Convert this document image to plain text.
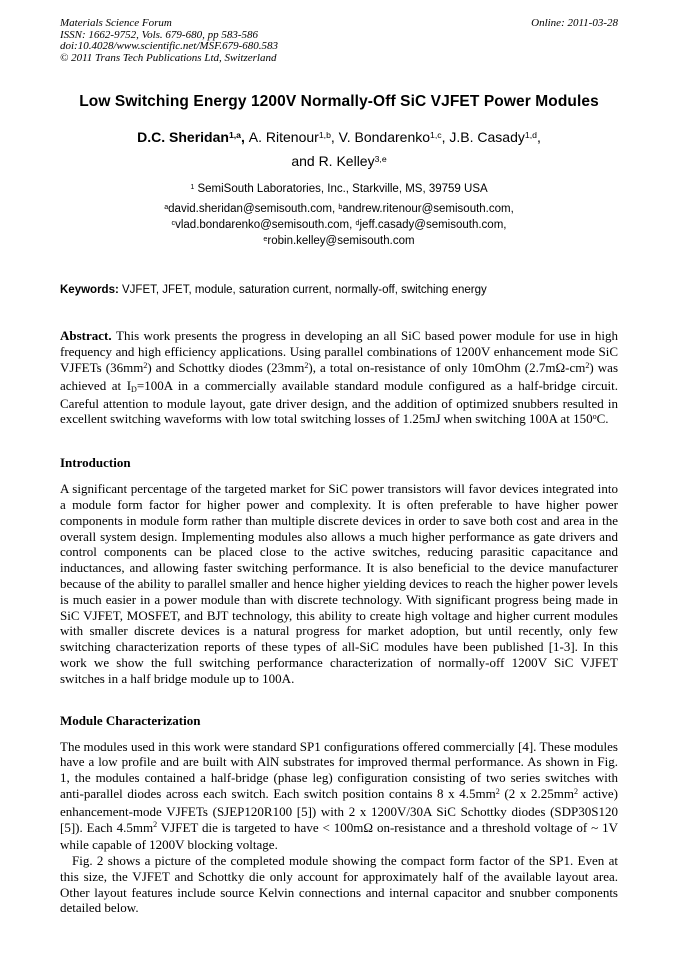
Materials Science Forum
ISSN: 1662-9752, Vols. 679-680, pp 583-586
doi:10.4028/www.scientific.net/MSF.679-680.583
© 2011 Trans Tech Publications Ltd, Switzerland
Online: 2011-03-28
Low Switching Energy 1200V Normally-Off SiC VJFET Power Modules
D.C. Sheridan$^{1,a}$, A. Ritenour$^{1,b}$, V. Bondarenko$^{1,c}$, J.B. Casady$^{1,d}$,
and R. Kelley$^{3,e}$
$^1$ SemiSouth Laboratories, Inc., Starkville, MS, 39759 USA
$^a$david.sheridan@semisouth.com, $^b$andrew.ritenour@semisouth.com,
$^c$vlad.bondarenko@semisouth.com, $^d$jeff.casady@semisouth.com,
$^e$robin.kelley@semisouth.com
Keywords: VJFET, JFET, module, saturation current, normally-off, switching energy

Abstract. This work presents the progress in developing an all SiC based power module for use in high frequency and high efficiency applications. Using parallel combinations of 1200V enhancement mode SiC VJFETs $(36mm^2)$ and Schottky diodes $(23mm^2)$, a total on-resistance of only 10mOhm $(2.7m\Omega-cm^2)$ was achieved at ID=100A in a commercially available standard module configured as a half-bridge circuit. Careful attention to module layout, gate driver design, and the addition of optimized snubbers resulted in excellent switching waveforms with low total switching losses of 1.25mJ when switching 100A at 150$^o$C.

Introduction

A significant percentage of the targeted market for SiC power transistors will favor devices integrated into a module form factor for higher power and complexity. It is often preferable to have higher power components in module form rather than multiple discrete devices in order to save both cost and area in the overall system design. Implementing modules also allows a much higher performance as gate drivers and control components can be placed close to the active switches, reducing parasitic capacitance and inductances, and allowing faster switching performance. It is also beneficial to the device manufacturer because of the ability to parallel smaller and hence higher yielding devices to reach the higher power levels is much easier in a power module than with discrete technology. With significant progress being made in SiC VJFET, MOSFET, and BJT technology, this ability to create high voltage and higher current modules with smaller discrete devices is a natural progress for market adoption, but until recently, only few switching characterization reports of these types of all-SiC modules have been published [1-3]. In this work we show the full switching performance characterization of normally-off 1200V SiC VJFET switches in a half bridge module up to 100A.

Module Characterization

The modules used in this work were standard SP1 configurations offered commercially [4]. These modules have a low profile and are built with AlN substrates for improved thermal performance. As shown in Fig. 1, the modules contained a half-bridge (phase leg) configuration consisting of two series switches with anti-parallel diodes across each switch. Each switch position contains 8 x $4.5mm^2$ (2 x $2.25mm^2$ active) enhancement-mode VJFETs (SJEP120R100 [5]) with 2 x 1200V/30A SiC Schottky diodes (SDP30S120 [5]). Each $4.5mm^2$ VJFET die is targeted to have < 100mΩ on-resistance and a threshold voltage of ~ 1V while capable of 1200V blocking voltage.

Fig. 2 shows a picture of the completed module showing the compact form factor of the SP1. Even at this size, the VJFET and Schottky die only account for approximately half of the available layout area. Other layout features include source Kelvin connections and internal capacitor and snubber components detailed below.
